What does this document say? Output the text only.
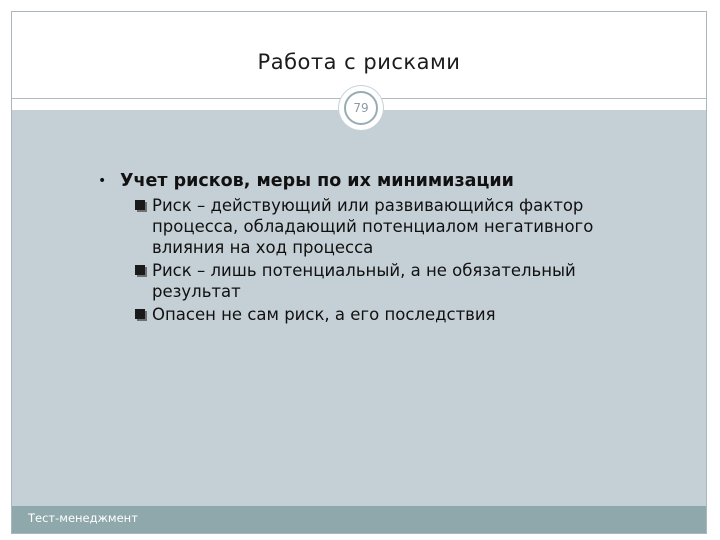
Работа с рисками
79
Тест-менеджмент
• Учет рисков, меры по их минимизации
Риск – действующий или развивающийся фактор процесса, обладающий потенциалом негативного влияния на ход процесса
Риск – лишь потенциальный, а не обязательный результат
Опасен не сам риск, а его последствия
